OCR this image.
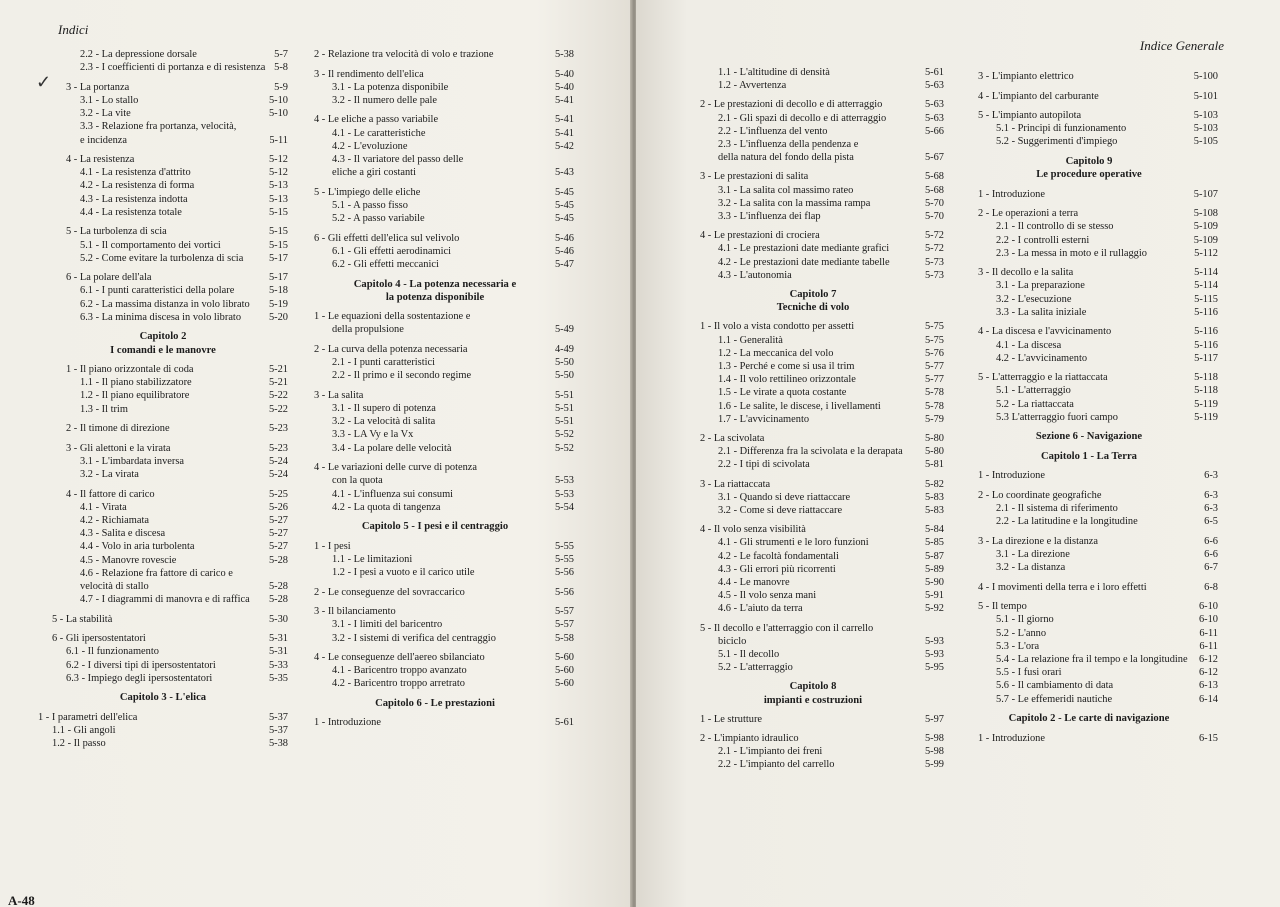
Indici
✓
2.2 - La depressione dorsale	5-7
2.3 - I coefficienti di portanza e di resistenza 5-8
3 - La portanza	5-9
3.1 - Lo stallo	5-10
3.2 - La vite	5-10
3.3 - Relazione fra portanza, velocità,
e incidenza	5-11
4 - La resistenza	5-12
4.1 - La resistenza d'attrito	5-12
4.2 - La resistenza di forma	5-13
4.3 - La resistenza indotta	5-13
4.4 - La resistenza totale	5-15
5 - La turbolenza di scia	5-15
5.1 - Il comportamento dei vortici	5-15
5.2 - Come evitare la turbolenza di scia 5-17
6 - La polare dell'ala	5-17
6.1 - I punti caratteristici della polare	5-18
6.2 - La massima distanza in volo librato 5-19
6.3 - La minima discesa in volo librato	5-20
Capitolo 2
I comandi e le manovre
1 - Il piano orizzontale di coda	5-21
1.1 - Il piano stabilizzatore	5-21
1.2 - Il piano equilibratore	5-22
1.3 - Il trim	5-22
2 - Il timone di direzione	5-23
3 - Gli alettoni e la virata	5-23
3.1 - L'imbardata inversa	5-24
3.2 - La virata	5-24
4 - Il fattore di carico	5-25
4.1 - Virata	5-26
4.2 - Richiamata	5-27
4.3 - Salita e discesa	5-27
4.4 - Volo in aria turbolenta	5-27
4.5 - Manovre rovescie	5-28
4.6 - Relazione fra fattore di carico e
velocità di stallo	5-28
4.7 - I diagrammi di manovra e di raffica 5-28
5 - La stabilità	5-30
6 - Gli ipersostentatori	5-31
6.1 - Il funzionamento	5-31
6.2 - I diversi tipi di ipersostentatori	5-33
6.3 - Impiego degli ipersostentatori	5-35
Capitolo 3 - L'elica
1 - I parametri dell'elica	5-37
1.1 - Gli angoli	5-37
1.2 - Il passo	5-38
2 - Relazione tra velocità di volo e trazione	5-38
3 - Il rendimento dell'elica	5-40
3.1 - La potenza disponibile	5-40
3.2 - Il numero delle pale	5-41
4 - Le eliche a passo variabile	5-41
4.1 - Le caratteristiche	5-41
4.2 - L'evoluzione	5-42
4.3 - Il variatore del passo delle
eliche a giri costanti	5-43
5 - L'impiego delle eliche	5-45
5.1 - A passo fisso	5-45
5.2 - A passo variabile	5-45
6 - Gli effetti dell'elica sul velivolo	5-46
6.1 - Gli effetti aerodinamici	5-46
6.2 - Gli effetti meccanici	5-47
Capitolo 4 - La potenza necessaria e
la potenza disponibile
1 - Le equazioni della sostentazione e
della propulsione	5-49
2 - La curva della potenza necessaria	4-49
2.1 - I punti caratteristici	5-50
2.2 - Il primo e il secondo regime	5-50
3 - La salita	5-51
3.1 - Il supero di potenza	5-51
3.2 - La velocità di salita	5-51
3.3 - LA Vy e la Vx	5-52
3.4 - La polare delle velocità	5-52
4 - Le variazioni delle curve di potenza
con la quota	5-53
4.1 - L'influenza sui consumi	5-53
4.2 - La quota di tangenza	5-54
Capitolo 5 - I pesi e il centraggio
1 - I pesi	5-55
1.1 - Le limitazioni	5-55
1.2 - I pesi a vuoto e il carico utile	5-56
2 - Le conseguenze del sovraccarico	5-56
3 - Il bilanciamento	5-57
3.1 - I limiti del baricentro	5-57
3.2 - I sistemi di verifica del centraggio	5-58
4 - Le conseguenze dell'aereo sbilanciato	5-60
4.1 - Baricentro troppo avanzato	5-60
4.2 - Baricentro troppo arretrato	5-60
Capitolo 6 - Le prestazioni
1 - Introduzione	5-61
A-48
Indice Generale
1.1 - L'altitudine di densità	5-61
1.2 - Avvertenza	5-63
2 - Le prestazioni di decollo e di atterraggio	5-63
2.1 - Gli spazi di decollo e di atterraggio	5-63
2.2 - L'influenza del vento	5-66
2.3 - L'influenza della pendenza e
della natura del fondo della pista	5-67
3 - Le prestazioni di salita	5-68
3.1 - La salita col massimo rateo	5-68
3.2 - La salita con la massima rampa	5-70
3.3 - L'influenza dei flap	5-70
4 - Le prestazioni di crociera	5-72
4.1 - Le prestazioni date mediante grafici	5-72
4.2 - Le prestazioni date mediante tabelle	5-73
4.3 - L'autonomia	5-73
Capitolo 7
Tecniche di volo
1 - Il volo a vista condotto per assetti	5-75
1.1 - Generalità	5-75
1.2 - La meccanica del volo	5-76
1.3 - Perché e come si usa il trim	5-77
1.4 - Il volo rettilineo orizzontale	5-77
1.5 - Le virate a quota costante	5-78
1.6 - Le salite, le discese, i livellamenti	5-78
1.7 - L'avvicinamento	5-79
2 - La scivolata	5-80
2.1 - Differenza fra la scivolata e la derapata 5-80
2.2 - I tipi di scivolata	5-81
3 - La riattaccata	5-82
3.1 - Quando si deve riattaccare	5-83
3.2 - Come si deve riattaccare	5-83
4 - Il volo senza visibilità	5-84
4.1 - Gli strumenti e le loro funzioni	5-85
4.2 - Le facoltà fondamentali	5-87
4.3 - Gli errori più ricorrenti	5-89
4.4 - Le manovre	5-90
4.5 - Il volo senza mani	5-91
4.6 - L'aiuto da terra	5-92
5 - Il decollo e l'atterraggio con il carrello
biciclo	5-93
5.1 - Il decollo	5-93
5.2 - L'atterraggio	5-95
Capitolo 8
impianti e costruzioni
1 - Le strutture	5-97
2 - L'impianto idraulico	5-98
2.1 - L'impianto dei freni	5-98
2.2 - L'impianto del carrello	5-99
3 - L'impianto elettrico	5-100
4 - L'impianto del carburante	5-101
5 - L'impianto autopilota	5-103
5.1 - Principi di funzionamento	5-103
5.2 - Suggerimenti d'impiego	5-105
Capitolo 9
Le procedure operative
1 - Introduzione	5-107
2 - Le operazioni a terra	5-108
2.1 - Il controllo di se stesso	5-109
2.2 - I controlli esterni	5-109
2.3 - La messa in moto e il rullaggio	5-112
3 - Il decollo e la salita	5-114
3.1 - La preparazione	5-114
3.2 - L'esecuzione	5-115
3.3 - La salita iniziale	5-116
4 - La discesa e l'avvicinamento	5-116
4.1 - La discesa	5-116
4.2 - L'avvicinamento	5-117
5 - L'atterraggio e la riattaccata	5-118
5.1 - L'atterraggio	5-118
5.2 - La riattaccata	5-119
5.3 L'atterraggio fuori campo	5-119
Sezione 6 - Navigazione
Capitolo 1 - La Terra
1 - Introduzione	6-3
2 - Lo coordinate geografiche	6-3
2.1 - Il sistema di riferimento	6-3
2.2 - La latitudine e la longitudine	6-5
3 - La direzione e la distanza	6-6
3.1 - La direzione	6-6
3.2 - La distanza	6-7
4 - I movimenti della terra e i loro effetti	6-8
5 - Il tempo	6-10
5.1 - Il giorno	6-10
5.2 - L'anno	6-11
5.3 - L'ora	6-11
5.4 - La relazione fra il tempo e la longitudine 6-12
5.5 - I fusi orari	6-12
5.6 - Il cambiamento di data	6-13
5.7 - Le effemeridi nautiche	6-14
Capitolo 2 - Le carte di navigazione
1 - Introduzione	6-15
